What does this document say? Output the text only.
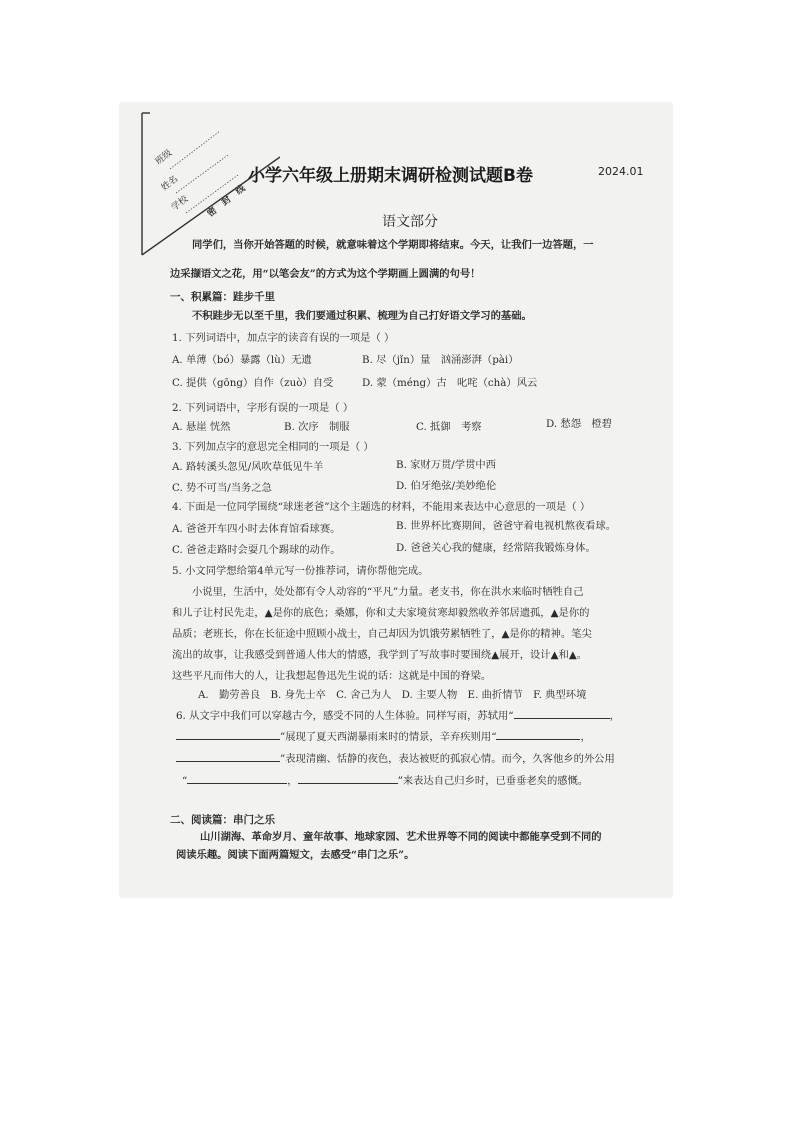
班级
姓名
学校 密　封　线
小学六年级上册期末调研检测试题B卷	2024.01
语文部分
同学们，当你开始答题的时候，就意味着这个学期即将结束。今天，让我们一边答题，一
边采撷语文之花，用“以笔会友”的方式为这个学期画上圆满的句号！
一、积累篇：跬步千里
不积跬步无以至千里，我们要通过积累、梳理为自己打好语文学习的基础。
1. 下列词语中，加点字的读音有误的一项是（ ）
A. 单薄（bó）暴露（lù）无遗	B. 尽（jǐn）量　汹涌澎湃（pài）
C. 提供（gōng）自作（zuò）自受	D. 蒙（méng）古　叱咤（chà）风云
2. 下列词语中，字形有误的一项是（ ）
A. 悬崖 恍然	B. 次序　制服	C. 抵御　考察	D. 愁怨　橙碧
3. 下列加点字的意思完全相同的一项是（ ）
A. 路转溪头忽见/风吹草低见牛羊	B. 家财万贯/学贯中西
C. 势不可当/当务之急	D. 伯牙绝弦/美妙绝伦
4. 下面是一位同学围绕“球迷老爸”这个主题选的材料，不能用来表达中心意思的一项是（ ）
A. 爸爸开车四小时去体育馆看球赛。	B. 世界杯比赛期间，爸爸守着电视机熬夜看球。
C. 爸爸走路时会耍几个踢球的动作。	D. 爸爸关心我的健康，经常陪我锻炼身体。
5. 小文同学想给第4单元写一份推荐词，请你帮他完成。
小说里，生活中，处处都有令人动容的“平凡”力量。老支书，你在洪水来临时牺牲自己
和儿子让村民先走，▲是你的底色；桑娜，你和丈夫家境贫寒却毅然收养邻居遗孤，▲是你的
品质；老班长，你在长征途中照顾小战士，自己却因为饥饿劳累牺牲了，▲是你的精神。笔尖
流出的故事，让我感受到普通人伟大的情感，我学到了写故事时要围绕▲展开，设计▲和▲。
这些平凡而伟大的人，让我想起鲁迅先生说的话：这就是中国的脊梁。
A.　勤劳善良　B. 身先士卒　C. 舍己为人　D. 主要人物　E. 曲折情节　F. 典型环境
6. 从文字中我们可以穿越古今，感受不同的人生体验。同样写雨，苏轼用“	，
”展现了夏天西湖暴雨来时的情景，辛弃疾则用“	，
”表现清幽、恬静的夜色，表达被贬的孤寂心情。而今，久客他乡的外公用
“	，	”来表达自己归乡时，已垂垂老矣的感慨。
二、阅读篇：串门之乐
山川湖海、革命岁月、童年故事、地球家园、艺术世界等不同的阅读中都能享受到不同的
阅读乐趣。阅读下面两篇短文，去感受“串门之乐”。
